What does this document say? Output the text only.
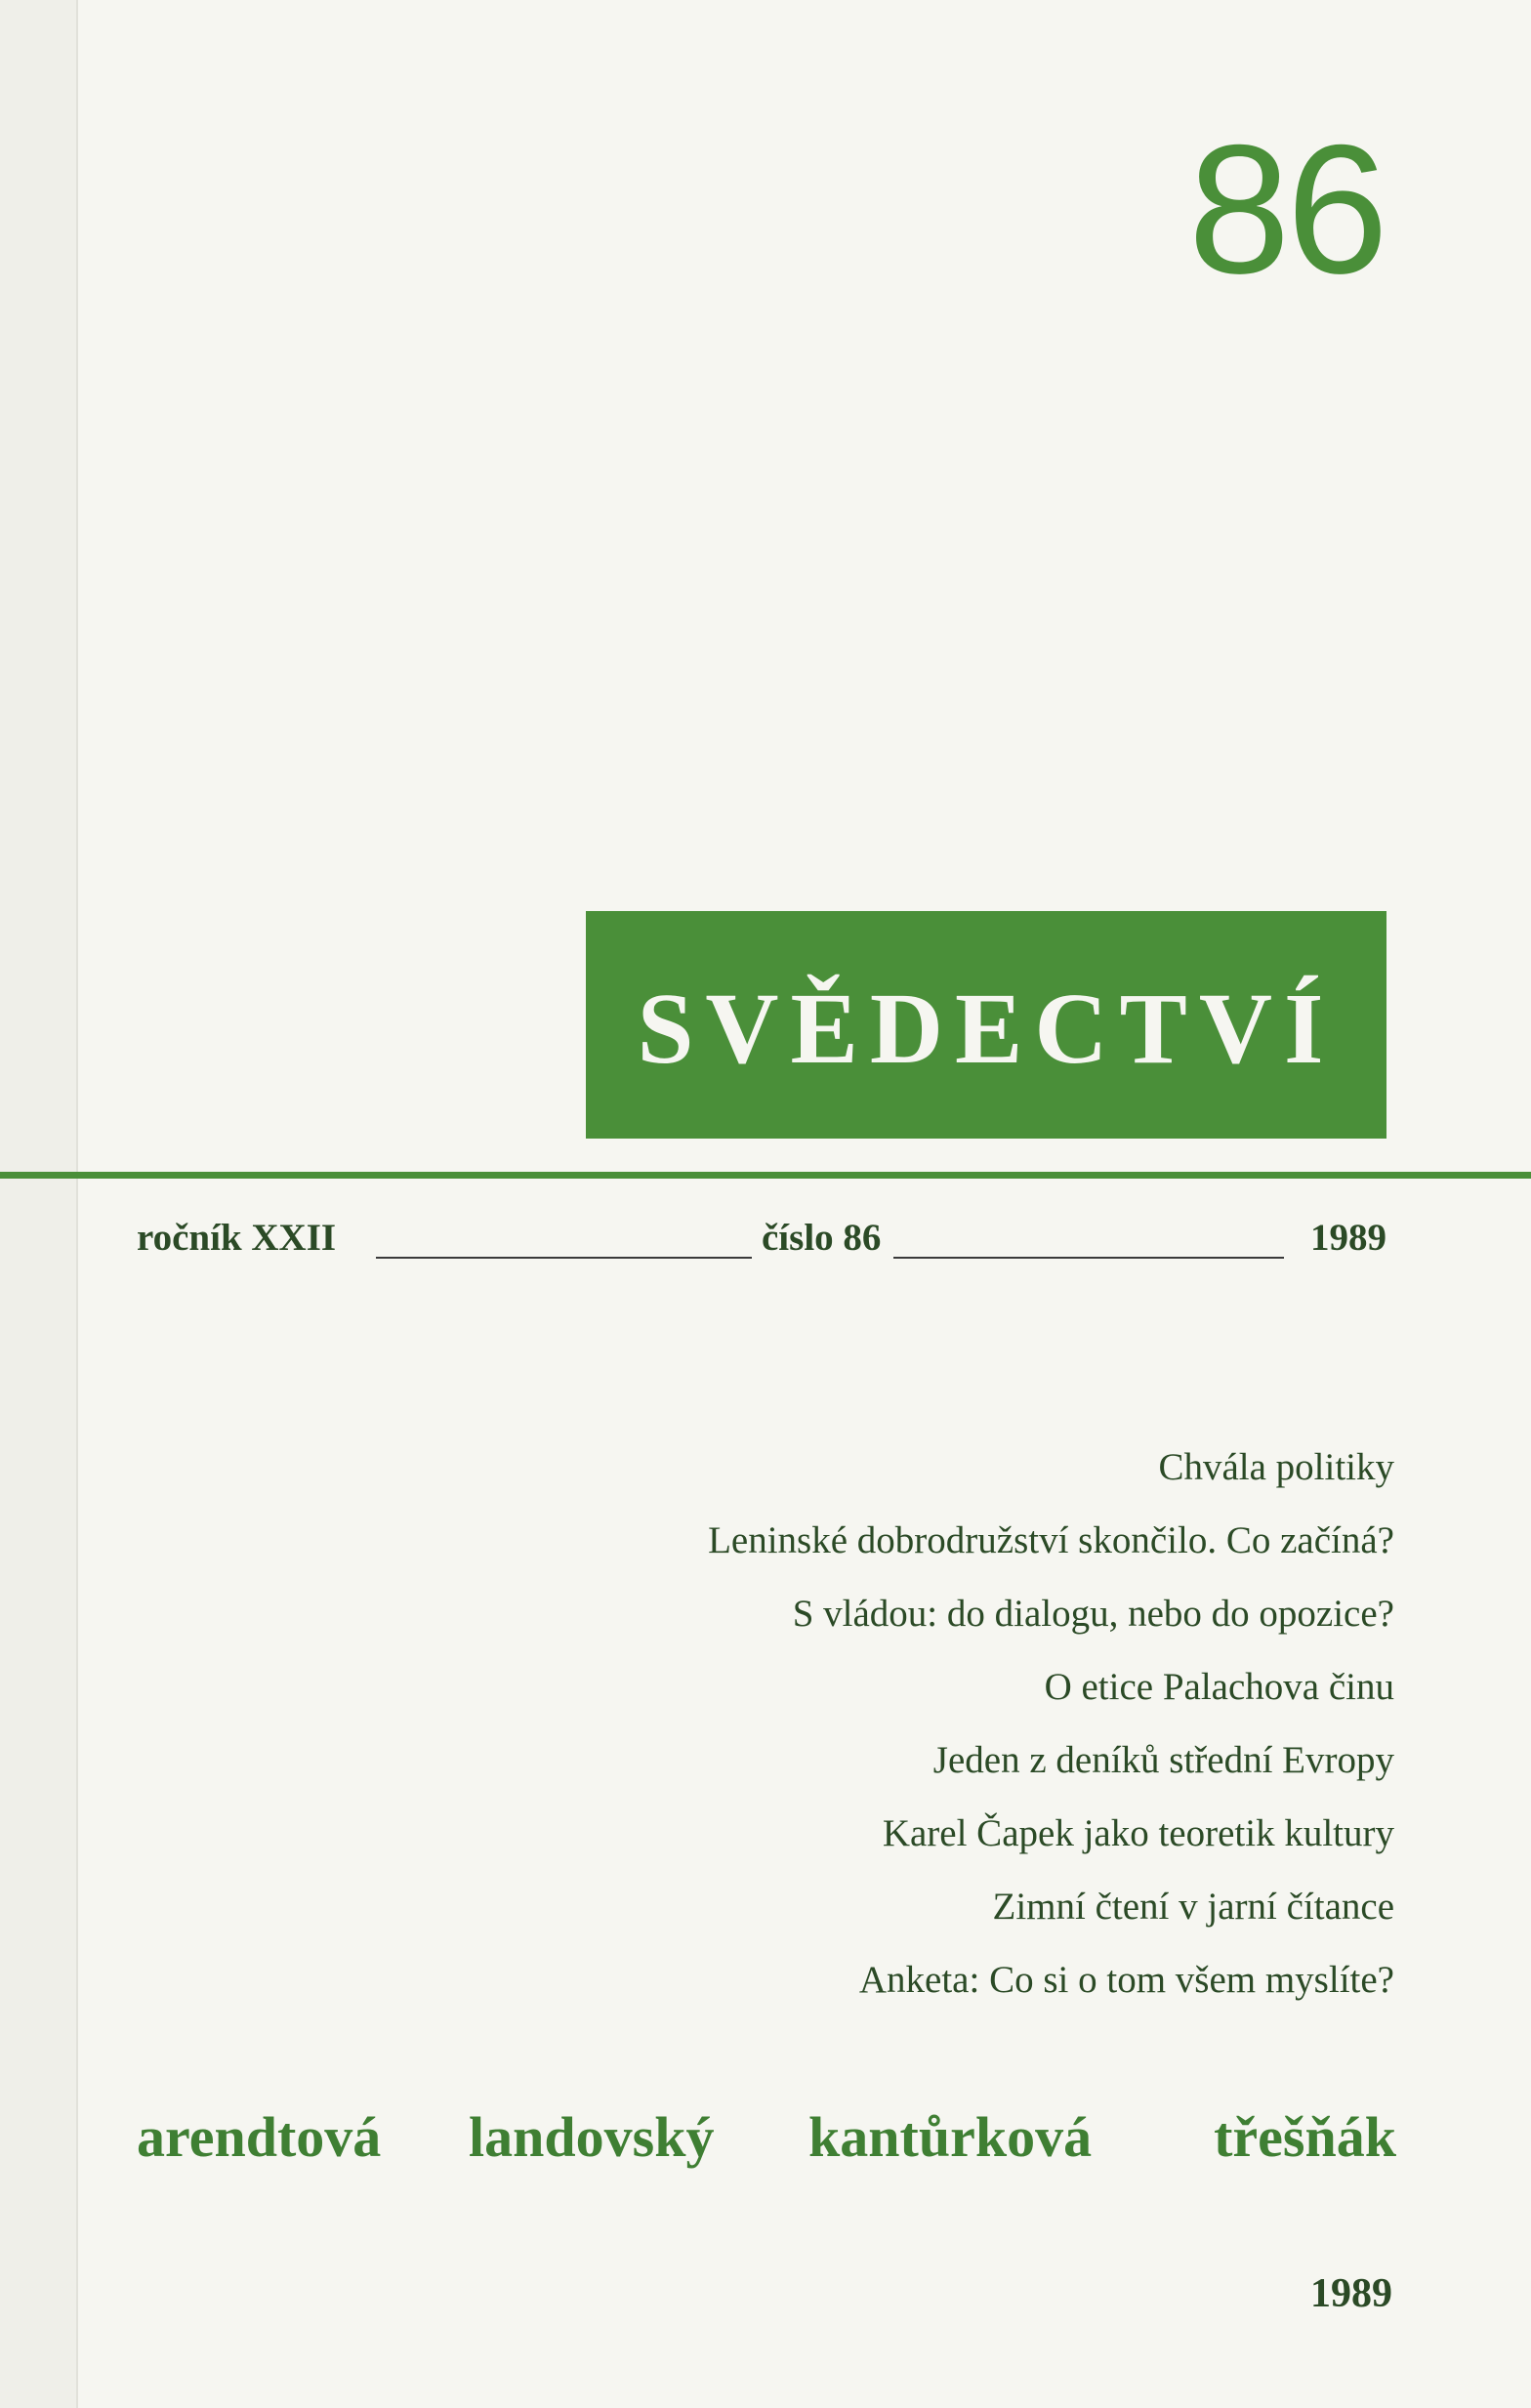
86
SVĚDECTVÍ
ročník XXII	číslo 86	1989
Chvála politiky
Leninské dobrodružství skončilo. Co začíná?
S vládou: do dialogu, nebo do opozice?
O etice Palachova činu
Jeden z deníků střední Evropy
Karel Čapek jako teoretik kultury
Zimní čtení v jarní čítance
Anketa: Co si o tom všem myslíte?
arendtová landovský kantůrková třešňák
1989
